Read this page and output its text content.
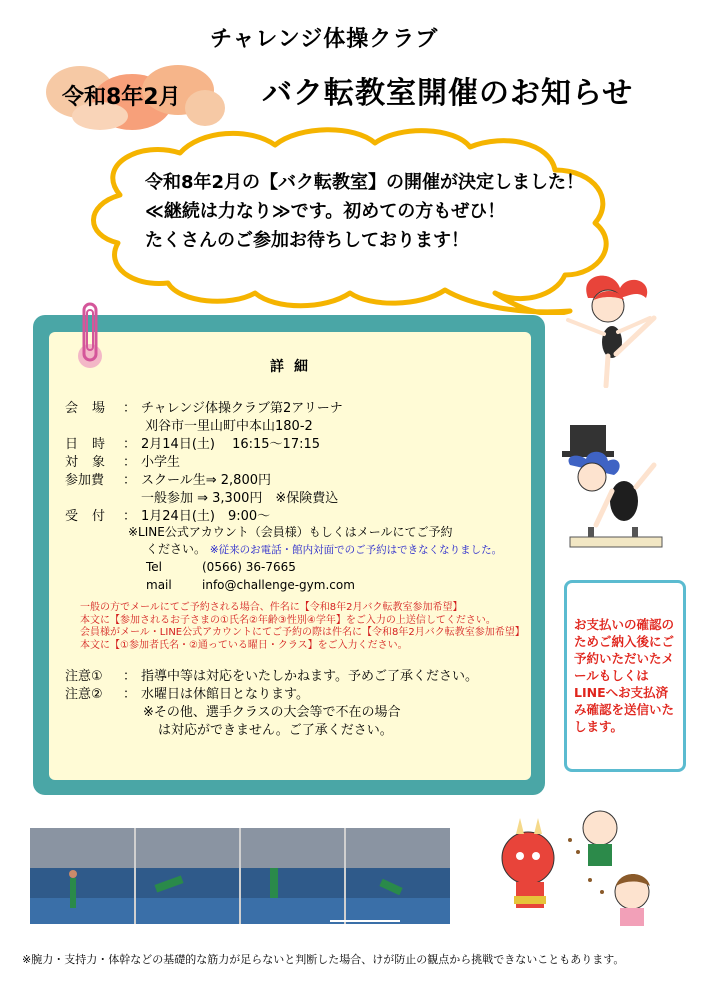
チャレンジ体操クラブ
令和8年2月	バク転教室開催のお知らせ
令和8年2月の【バク転教室】の開催が決定しました！
≪継続は力なり≫です。初めての方もぜひ！
たくさんのご参加お待ちしております！
詳細
会場 ： チャレンジ体操クラブ第2アリーナ
刈谷市一里山町中本山180-2
日時 ： 2月14日(土)　 16:15～17:15
対象 ： 小学生
参加費 ： スクール生⇒ 2,800円
一般参加 ⇒ 3,300円　※保険費込
受付 ： 1月24日(土)　9:00～
※LINE公式アカウント（会員様）もしくはメールにてご予約
ください。 ※従来のお電話・館内対面でのご予約はできなくなりました。
Tel	(0566) 36-7665
mail	info@challenge-gym.com
一般の方でメールにてご予約される場合、件名に【令和8年2月バク転教室参加希望】
本文に【参加されるお子さまの①氏名②年齢③性別④学年】をご入力の上送信してください。
会員様がメール・LINE公式アカウントにてご予約の際は件名に【令和8年2月バク転教室参加希望】
本文に【①参加者氏名・②通っている曜日・クラス】をご入力ください。
注意① ： 指導中等は対応をいたしかねます。予めご了承ください。
注意② ： 水曜日は休館日となります。
※その他、選手クラスの大会等で不在の場合
は対応ができません。ご了承ください。
お支払いの確認のためご納入後にご予約いただいたメールもしくはLINEへお支払済み確認を送信いたします。
※腕力・支持力・体幹などの基礎的な筋力が足らないと判断した場合、けが防止の観点から挑戦できないこともあります。
